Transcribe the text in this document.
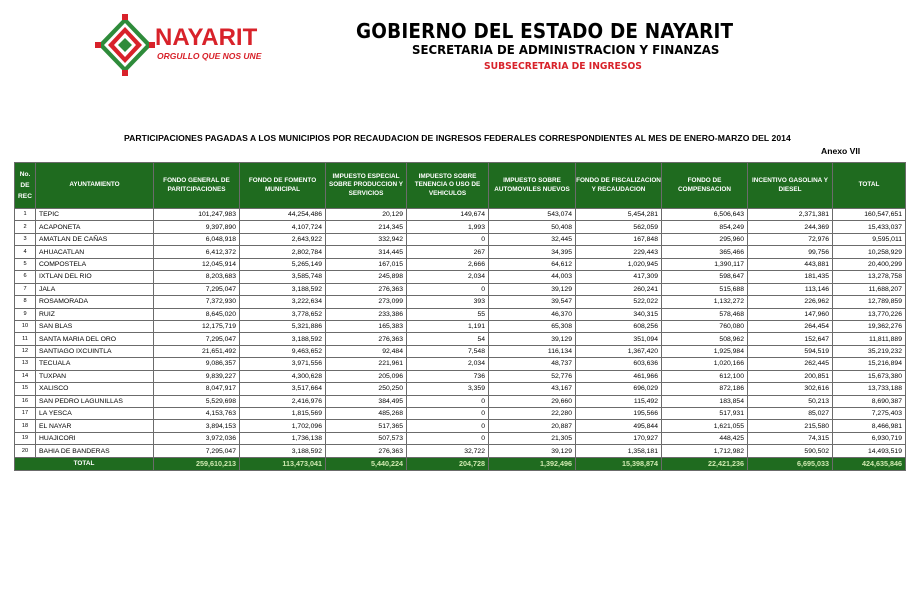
NAYARIT
ORGULLO QUE NOS UNE
GOBIERNO DEL ESTADO DE NAYARIT
SECRETARIA DE ADMINISTRACION Y FINANZAS
SUBSECRETARIA DE INGRESOS
PARTICIPACIONES PAGADAS A LOS MUNICIPIOS POR RECAUDACION DE INGRESOS FEDERALES CORRESPONDIENTES AL MES DE ENERO-MARZO DEL 2014
Anexo VII
No.
DE
REC	AYUNTAMIENTO	FONDO GENERAL DE PARITCIPACIONES	FONDO DE FOMENTO MUNICIPAL	IMPUESTO ESPECIAL SOBRE PRODUCCION Y SERVICIOS	IMPUESTO SOBRE TENENCIA O USO DE VEHICULOS	IMPUESTO SOBRE AUTOMOVILES NUEVOS	FONDO DE FISCALIZACION Y RECAUDACION	FONDO DE COMPENSACION	INCENTIVO GASOLINA Y DIESEL	TOTAL
1	TEPIC	101,247,983	44,254,486	20,129	149,674	543,074	5,454,281	6,506,643	2,371,381	160,547,651
2	ACAPONETA	9,397,890	4,107,724	214,345	1,993	50,408	562,059	854,249	244,369	15,433,037
3	AMATLAN DE CAÑAS	6,048,918	2,643,922	332,942	0	32,445	167,848	295,960	72,976	9,595,011
4	AHUACATLAN	6,412,372	2,802,784	314,445	267	34,395	229,443	365,466	99,756	10,258,929
5	COMPOSTELA	12,045,914	5,265,149	167,015	2,666	64,612	1,020,945	1,390,117	443,881	20,400,299
6	IXTLAN DEL RIO	8,203,683	3,585,748	245,898	2,034	44,003	417,309	598,647	181,435	13,278,758
7	JALA	7,295,047	3,188,592	276,363	0	39,129	260,241	515,688	113,146	11,688,207
8	ROSAMORADA	7,372,930	3,222,634	273,099	393	39,547	522,022	1,132,272	226,962	12,789,859
9	RUIZ	8,645,020	3,778,652	233,386	55	46,370	340,315	578,468	147,960	13,770,226
10	SAN BLAS	12,175,719	5,321,886	165,383	1,191	65,308	608,256	760,080	264,454	19,362,276
11	SANTA MARIA DEL ORO	7,295,047	3,188,592	276,363	54	39,129	351,094	508,962	152,647	11,811,889
12	SANTIAGO IXCUINTLA	21,651,492	9,463,652	92,484	7,548	116,134	1,367,420	1,925,984	594,519	35,219,232
13	TECUALA	9,086,357	3,971,556	221,961	2,034	48,737	603,636	1,020,166	262,445	15,216,894
14	TUXPAN	9,839,227	4,300,628	205,096	736	52,776	461,966	612,100	200,851	15,673,380
15	XALISCO	8,047,917	3,517,664	250,250	3,359	43,167	696,029	872,186	302,616	13,733,188
16	SAN PEDRO LAGUNILLAS	5,529,698	2,416,976	384,495	0	29,660	115,492	183,854	50,213	8,690,387
17	LA YESCA	4,153,763	1,815,569	485,268	0	22,280	195,566	517,931	85,027	7,275,403
18	EL NAYAR	3,894,153	1,702,096	517,365	0	20,887	495,844	1,621,055	215,580	8,466,981
19	HUAJICORI	3,972,036	1,736,138	507,573	0	21,305	170,927	448,425	74,315	6,930,719
20	BAHIA DE BANDERAS	7,295,047	3,188,592	276,363	32,722	39,129	1,358,181	1,712,982	590,502	14,493,519
TOTAL		259,610,213	113,473,041	5,440,224	204,728	1,392,496	15,398,874	22,421,236	6,695,033	424,635,846
